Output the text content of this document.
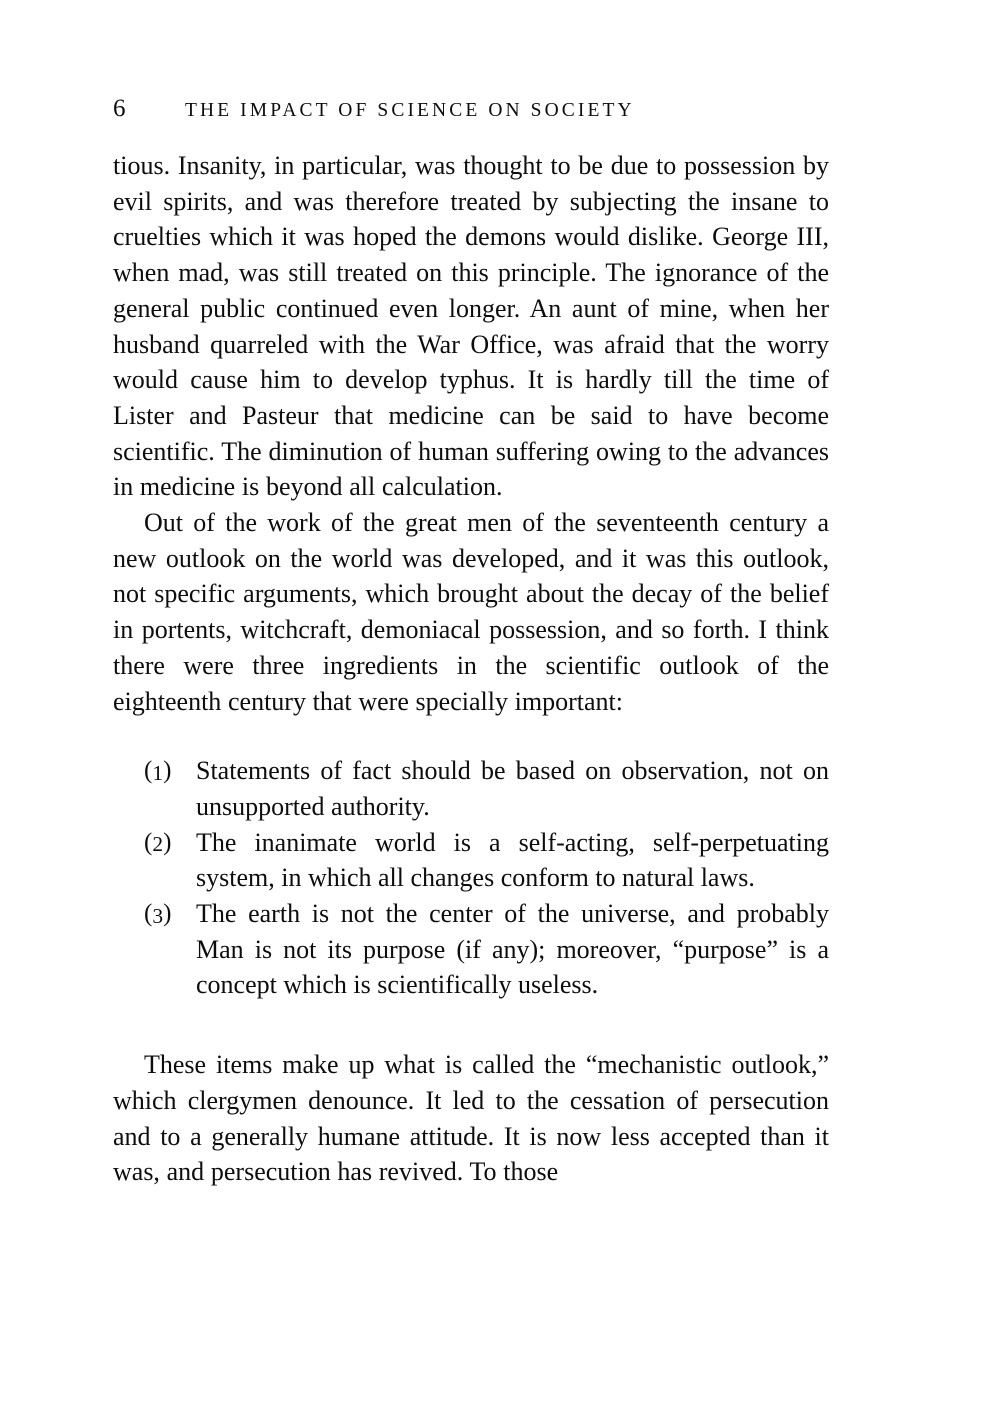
6	THE IMPACT OF SCIENCE ON SOCIETY

tious. Insanity, in particular, was thought to be due to possession by evil spirits, and was therefore treated by subjecting the insane to cruelties which it was hoped the demons would dislike. George III, when mad, was still treated on this principle. The ignorance of the general public continued even longer. An aunt of mine, when her husband quarreled with the War Office, was afraid that the worry would cause him to develop typhus. It is hardly till the time of Lister and Pasteur that medicine can be said to have become scientific. The diminution of human suffering owing to the advances in medicine is beyond all calculation.

Out of the work of the great men of the seventeenth century a new outlook on the world was developed, and it was this outlook, not specific arguments, which brought about the decay of the belief in portents, witchcraft, demoniacal possession, and so forth. I think there were three ingredients in the scientific outlook of the eighteenth century that were specially important:

(1) Statements of fact should be based on observation, not on unsupported authority.
(2) The inanimate world is a self-acting, self-perpetuating system, in which all changes conform to natural laws.
(3) The earth is not the center of the universe, and probably Man is not its purpose (if any); moreover, “purpose” is a concept which is scientifically useless.

These items make up what is called the “mechanistic outlook,” which clergymen denounce. It led to the cessation of persecution and to a generally humane attitude. It is now less accepted than it was, and persecution has revived. To those
